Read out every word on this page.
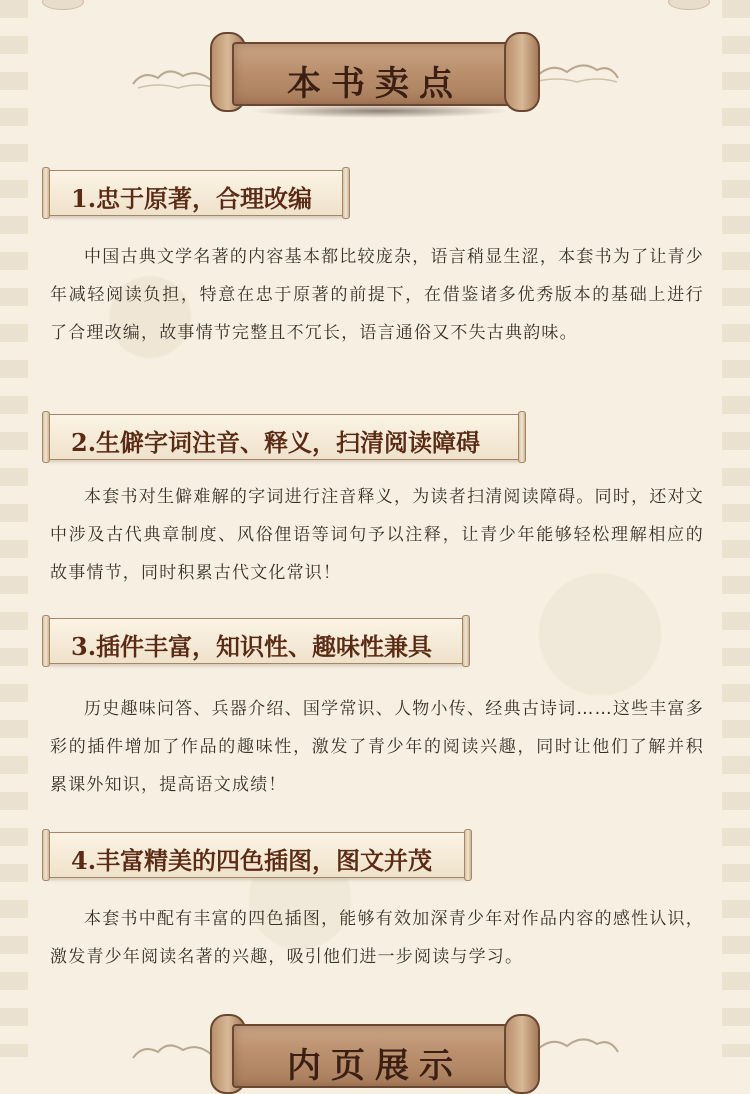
本书卖点
1.忠于原著，合理改编
中国古典文学名著的内容基本都比较庞杂，语言稍显生涩，本套书为了让青少年减轻阅读负担，特意在忠于原著的前提下，在借鉴诸多优秀版本的基础上进行了合理改编，故事情节完整且不冗长，语言通俗又不失古典韵味。
2.生僻字词注音、释义，扫清阅读障碍
本套书对生僻难解的字词进行注音释义，为读者扫清阅读障碍。同时，还对文中涉及古代典章制度、风俗俚语等词句予以注释，让青少年能够轻松理解相应的故事情节，同时积累古代文化常识！
3.插件丰富，知识性、趣味性兼具
历史趣味问答、兵器介绍、国学常识、人物小传、经典古诗词……这些丰富多彩的插件增加了作品的趣味性，激发了青少年的阅读兴趣，同时让他们了解并积累课外知识，提高语文成绩！
4.丰富精美的四色插图，图文并茂
本套书中配有丰富的四色插图，能够有效加深青少年对作品内容的感性认识，激发青少年阅读名著的兴趣，吸引他们进一步阅读与学习。
内页展示
